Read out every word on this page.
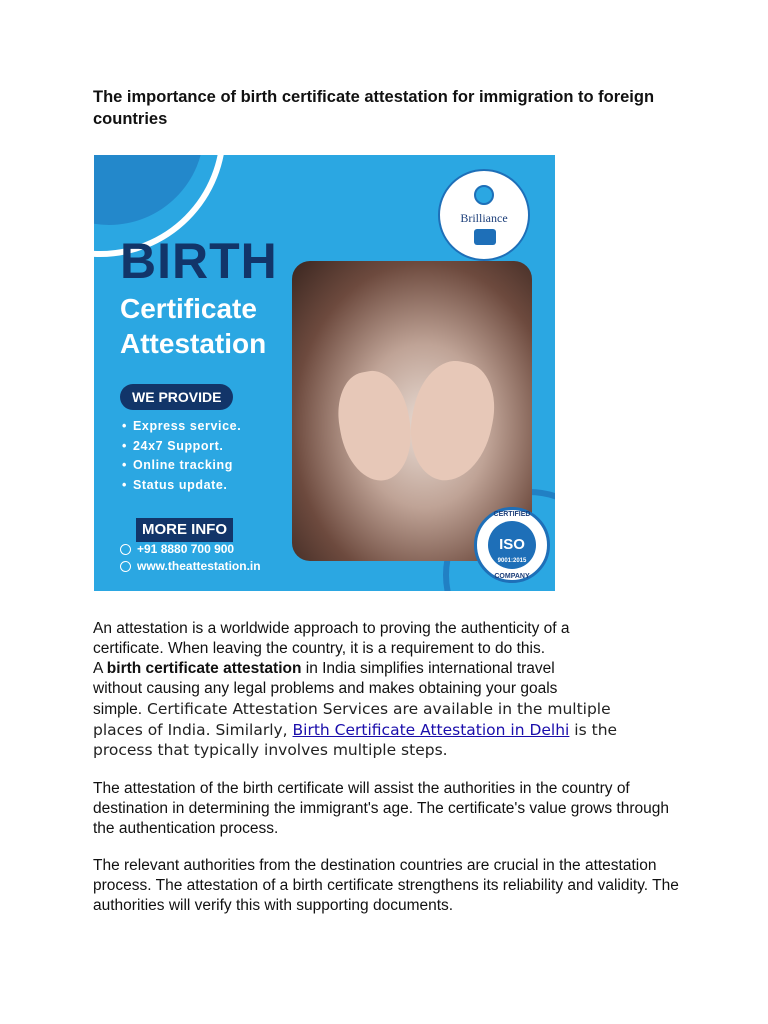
The importance of birth certificate attestation for immigration to foreign countries
Brilliance
BIRTH
Certificate
Attestation
WE PROVIDE
• Express service.
• 24x7 Support.
• Online tracking
• Status update.
MORE INFO
+91 8880 700 900
www.theattestation.in
CERTIFIED
ISO
9001:2015
COMPANY
An attestation is a worldwide approach to proving the authenticity of a
certificate. When leaving the country, it is a requirement to do this.
A birth certificate attestation in India simplifies international travel
without causing any legal problems and makes obtaining your goals
simple. Certificate Attestation Services are available in the multiple
places of India. Similarly, Birth Certificate Attestation in Delhi is the
process that typically involves multiple steps.

The attestation of the birth certificate will assist the authorities in the country of destination in determining the immigrant's age. The certificate's value grows through the authentication process.

The relevant authorities from the destination countries are crucial in the attestation process. The attestation of a birth certificate strengthens its reliability and validity. The authorities will verify this with supporting documents.
